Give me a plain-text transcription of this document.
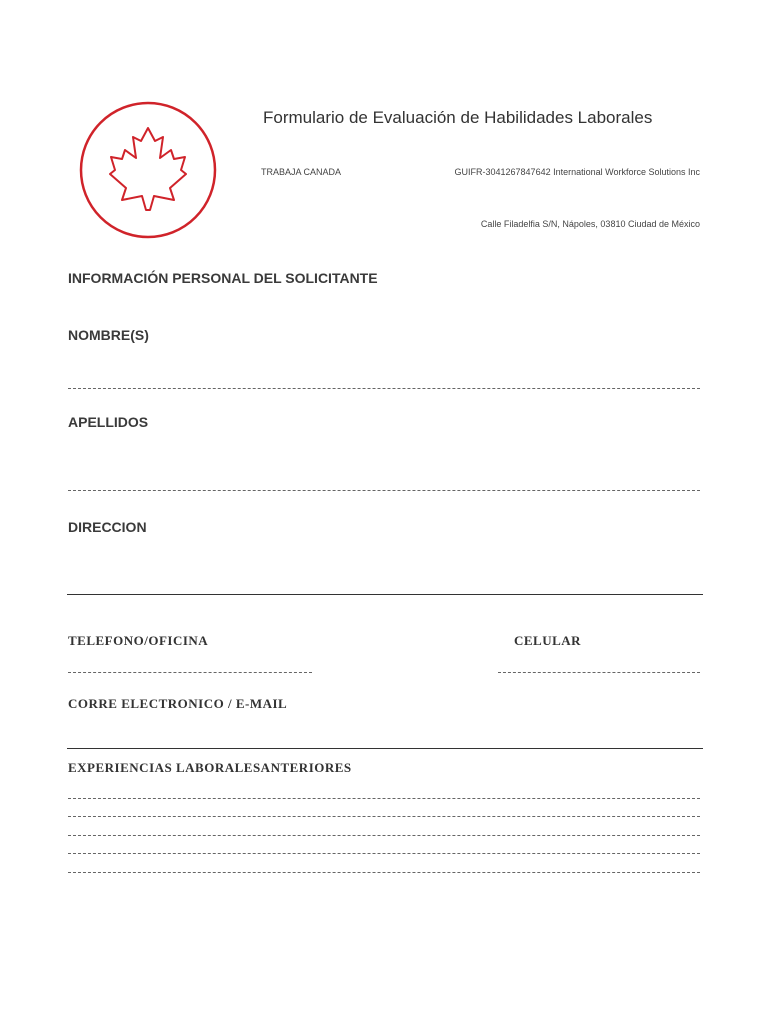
Formulario de Evaluación de Habilidades Laborales
TRABAJA CANADA	GUIFR-3041267847642 International Workforce Solutions Inc
Calle Filadelfia S/N, Nápoles, 03810 Ciudad de México
INFORMACIÓN PERSONAL DEL SOLICITANTE
NOMBRE(S)
APELLIDOS
DIRECCION
TELEFONO/OFICINA	CELULAR
CORRE ELECTRONICO / E-MAIL
EXPERIENCIAS LABORALESANTERIORES
